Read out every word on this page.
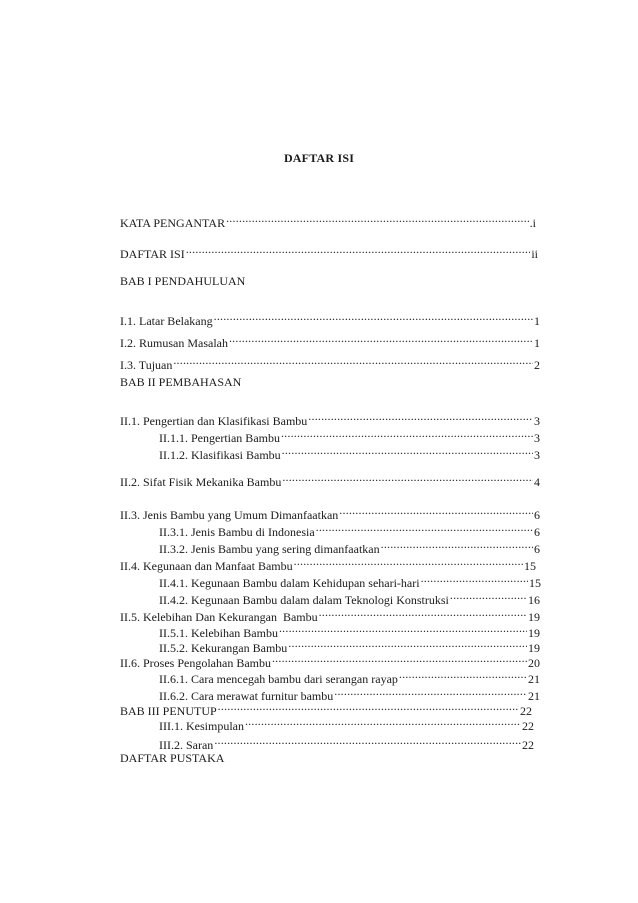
DAFTAR ISI
KATA PENGANTAR .....	.i
DAFTAR ISI .....	ii
BAB I PENDAHULUAN
I.1. Latar Belakang .....	1
I.2. Rumusan Masalah .....	1
I.3. Tujuan .....	2
BAB II PEMBAHASAN
II.1. Pengertian dan Klasifikasi Bambu .....	3
II.1.1. Pengertian Bambu .....	3
II.1.2. Klasifikasi Bambu .....	3
II.2. Sifat Fisik Mekanika Bambu .....	4
II.3. Jenis Bambu yang Umum Dimanfaatkan .....	6
II.3.1. Jenis Bambu di Indonesia .....	6
II.3.2. Jenis Bambu yang sering dimanfaatkan .....	6
II.4. Kegunaan dan Manfaat Bambu .....	15
II.4.1. Kegunaan Bambu dalam Kehidupan sehari-hari .....	15
II.4.2. Kegunaan Bambu dalam dalam Teknologi Konstruksi .....	16
II.5. Kelebihan Dan Kekurangan  Bambu .....	19
II.5.1. Kelebihan Bambu .....	19
II.5.2. Kekurangan Bambu .....	19
II.6. Proses Pengolahan Bambu .....	20
II.6.1. Cara mencegah bambu dari serangan rayap .....	21
II.6.2. Cara merawat furnitur bambu .....	21
BAB III PENUTUP .....	22
III.1. Kesimpulan .....	22
III.2. Saran .....	22
DAFTAR PUSTAKA
